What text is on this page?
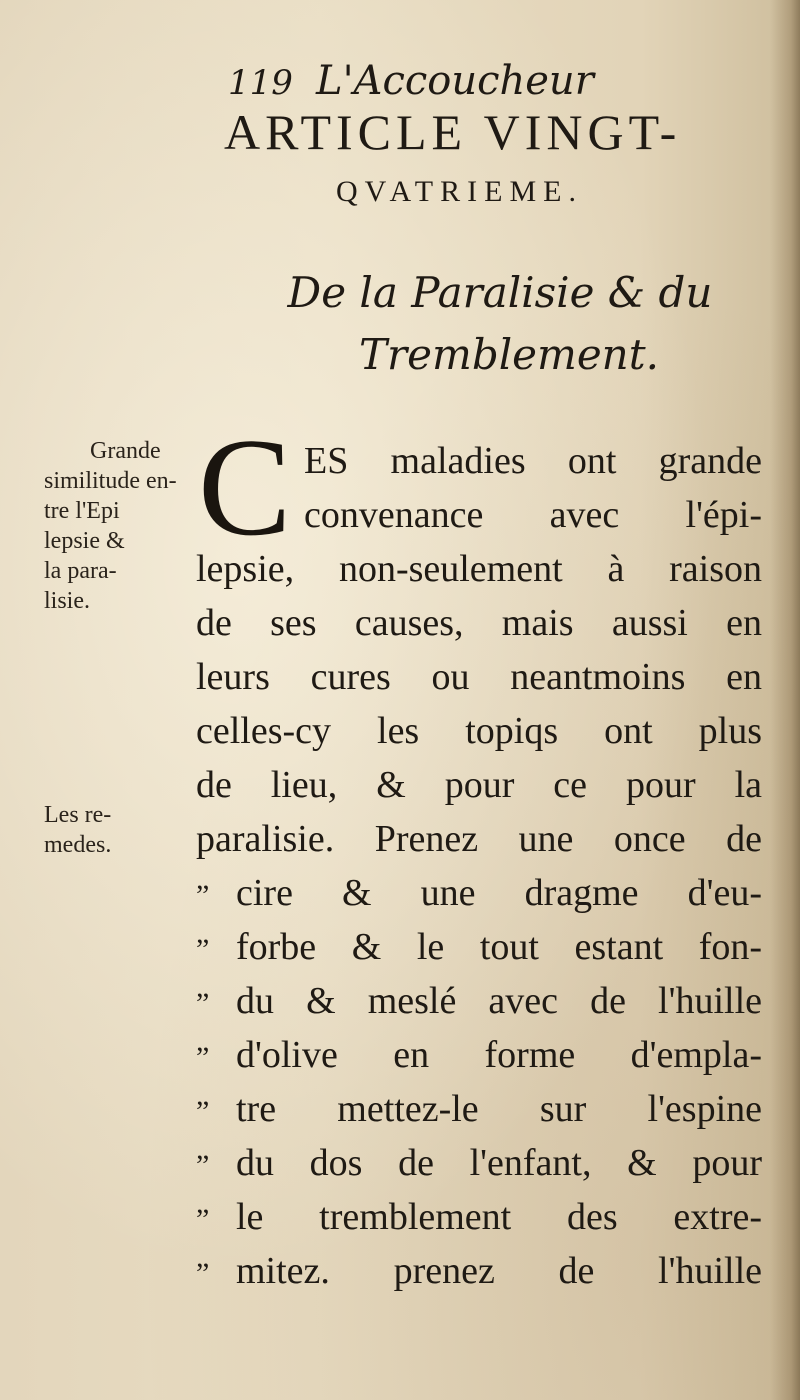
119 L'Accoucheur
ARTICLE VINGT-
QVATRIEME.
De la Paralisie & du
Tremblement.
Grande
similitude en-
tre l'Epi
lepsie &
la para-
lisie.
Les re-
medes.
C ES maladies ont grande
convenance avec l'épi-
lepsie, non-seulement à raison
de ses causes, mais aussi en
leurs cures ou neantmoins en
celles-cy les topiqs ont plus
de lieu, & pour ce pour la
paralisie. Prenez une once de
” cire & une dragme d'eu-
” forbe & le tout estant fon-
” du & meslé avec de l'huille
” d'olive en forme d'empla-
” tre mettez-le sur l'espine
” du dos de l'enfant, & pour
” le tremblement des extre-
” mitez. prenez de l'huille
